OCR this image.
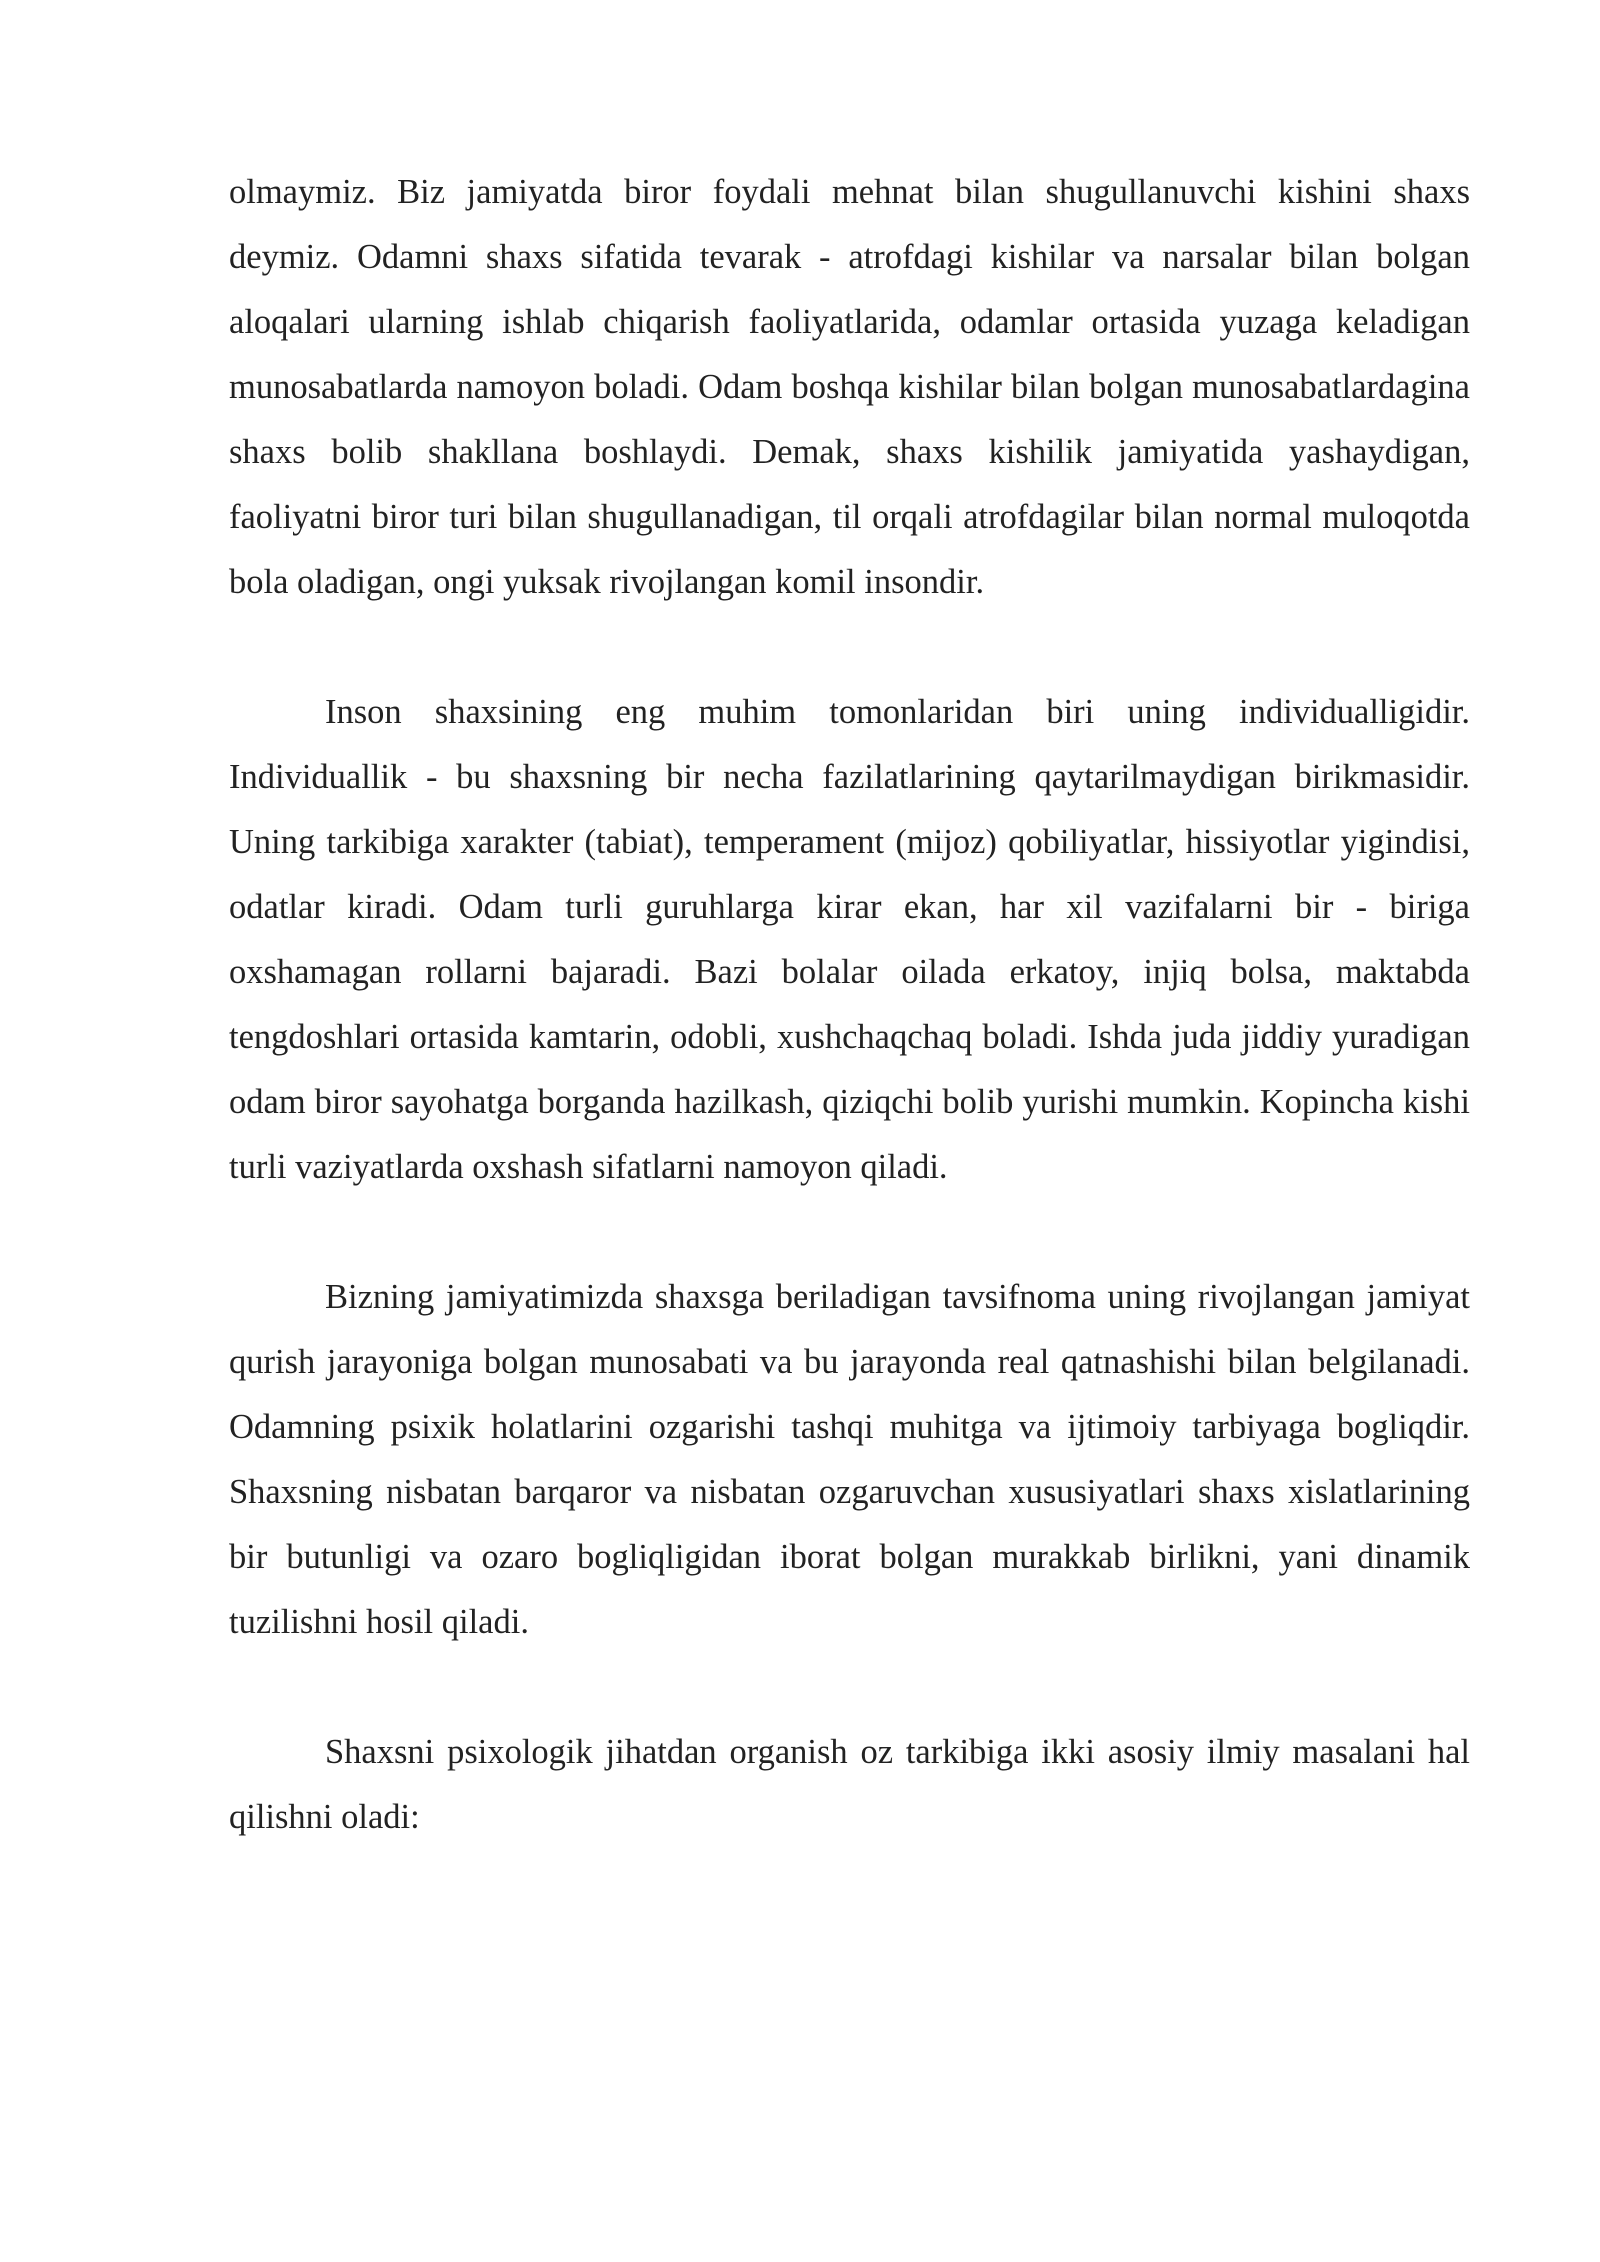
olmaymiz. Biz jamiyatda biror foydali mehnat bilan shugullanuvchi kishini shaxs deymiz. Odamni shaxs sifatida tevarak - atrofdagi kishilar va narsalar bilan bolgan aloqalari ularning ishlab chiqarish faoliyatlarida, odamlar ortasida yuzaga keladigan munosabatlarda namoyon boladi. Odam boshqa kishilar bilan bolgan munosabatlardagina shaxs bolib shakllana boshlaydi. Demak, shaxs kishilik jamiyatida yashaydigan, faoliyatni biror turi bilan shugullanadigan, til orqali atrofdagilar bilan normal muloqotda bola oladigan, ongi yuksak rivojlangan komil insondir.

Inson shaxsining eng muhim tomonlaridan biri uning individualligidir. Individuallik - bu shaxsning bir necha fazilatlarining qaytarilmaydigan birikmasidir. Uning tarkibiga xarakter (tabiat), temperament (mijoz) qobiliyatlar, hissiyotlar yigindisi, odatlar kiradi. Odam turli guruhlarga kirar ekan, har xil vazifalarni bir - biriga oxshamagan rollarni bajaradi. Bazi bolalar oilada erkatoy, injiq bolsa, maktabda tengdoshlari ortasida kamtarin, odobli, xushchaqchaq boladi. Ishda juda jiddiy yuradigan odam biror sayohatga borganda hazilkash, qiziqchi bolib yurishi mumkin. Kopincha kishi turli vaziyatlarda oxshash sifatlarni namoyon qiladi.

Bizning jamiyatimizda shaxsga beriladigan tavsifnoma uning rivojlangan jamiyat qurish jarayoniga bolgan munosabati va bu jarayonda real qatnashishi bilan belgilanadi. Odamning psixik holatlarini ozgarishi tashqi muhitga va ijtimoiy tarbiyaga bogliqdir. Shaxsning nisbatan barqaror va nisbatan ozgaruvchan xususiyatlari shaxs xislatlarining bir butunligi va ozaro bogliqligidan iborat bolgan murakkab birlikni, yani dinamik tuzilishni hosil qiladi.

Shaxsni psixologik jihatdan organish oz tarkibiga ikki asosiy ilmiy masalani hal qilishni oladi:
